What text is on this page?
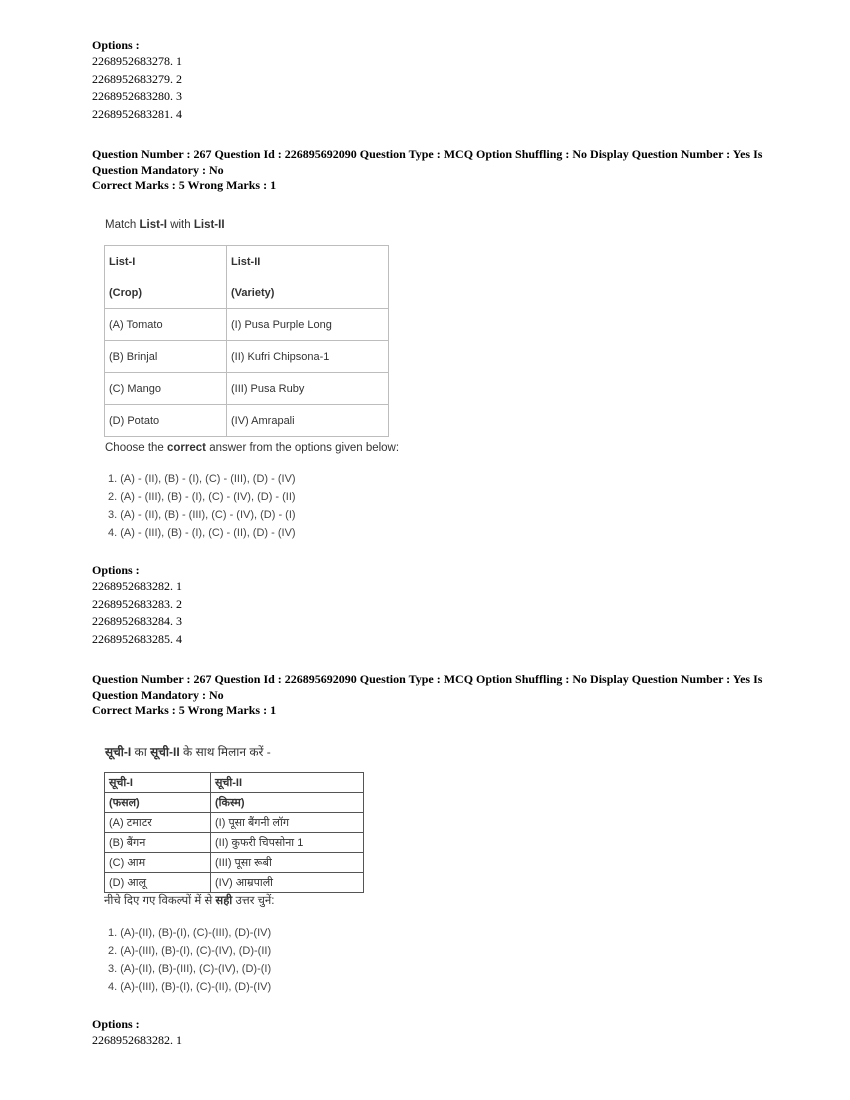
Options :
2268952683278. 1
2268952683279. 2
2268952683280. 3
2268952683281. 4
Question Number : 267 Question Id : 226895692090 Question Type : MCQ Option Shuffling : No Display Question Number : Yes Is
Question Mandatory : No
Correct Marks : 5 Wrong Marks : 1
Match List-I with List-II
List-I	List-II
(Crop)	(Variety)
(A) Tomato	(I) Pusa Purple Long
(B) Brinjal	(II) Kufri Chipsona-1
(C) Mango	(III) Pusa Ruby
(D) Potato	(IV) Amrapali
Choose the correct answer from the options given below:
1. (A) - (II), (B) - (I), (C) - (III), (D) - (IV)
2. (A) - (III), (B) - (I), (C) - (IV), (D) - (II)
3. (A) - (II), (B) - (III), (C) - (IV), (D) - (I)
4. (A) - (III), (B) - (I), (C) - (II), (D) - (IV)
Options :
2268952683282. 1
2268952683283. 2
2268952683284. 3
2268952683285. 4
Question Number : 267 Question Id : 226895692090 Question Type : MCQ Option Shuffling : No Display Question Number : Yes Is
Question Mandatory : No
Correct Marks : 5 Wrong Marks : 1
सूची-I का सूची-II के साथ मिलान करें -
सूची-I	सूची-II
(फसल)	(किस्म)
(A) टमाटर	(I) पूसा बैंगनी लॉग
(B) बैंगन	(II) कुफरी चिपसोना 1
(C) आम	(III) पूसा रूबी
(D) आलू	(IV) आम्रपाली
नीचे दिए गए विकल्पों में से सही उत्तर चुनें:
1. (A)-(II), (B)-(I), (C)-(III), (D)-(IV)
2. (A)-(III), (B)-(I), (C)-(IV), (D)-(II)
3. (A)-(II), (B)-(III), (C)-(IV), (D)-(I)
4. (A)-(III), (B)-(I), (C)-(II), (D)-(IV)
Options :
2268952683282. 1
